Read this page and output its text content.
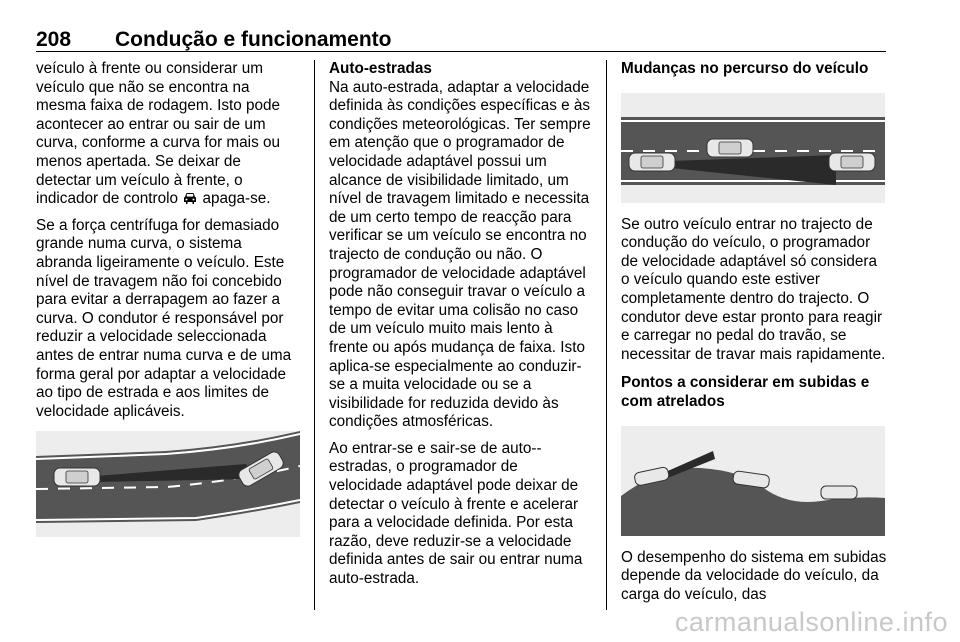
208 Condução e funcionamento

veículo à frente ou considerar um veículo que não se encontra na mesma faixa de rodagem. Isto pode acontecer ao entrar ou sair de um curva, conforme a curva for mais ou menos apertada. Se deixar de detectar um veículo à frente, o indicador de controlo  apaga-se.

Se a força centrífuga for demasiado grande numa curva, o sistema abranda ligeiramente o veículo. Este nível de travagem não foi concebido para evitar a derrapagem ao fazer a curva. O condutor é responsável por reduzir a velocidade seleccionada antes de entrar numa curva e de uma forma geral por adaptar a velocidade ao tipo de estrada e aos limites de velocidade aplicáveis.

Auto-estradas

Na auto-estrada, adaptar a velocidade definida às condições específicas e às condições meteorológicas. Ter sempre em atenção que o programador de velocidade adaptável possui um alcance de visibilidade limitado, um nível de travagem limitado e necessita de um certo tempo de reacção para verificar se um veículo se encontra no trajecto de condução ou não. O programador de velocidade adaptável pode não conseguir travar o veículo a tempo de evitar uma colisão no caso de um veículo muito mais lento à frente ou após mudança de faixa. Isto aplica-se especialmente ao conduzir-se a muita velocidade ou se a visibilidade for reduzida devido às condições atmosféricas.

Ao entrar-se e sair-se de auto--estradas, o programador de velocidade adaptável pode deixar de detectar o veículo à frente e acelerar para a velocidade definida. Por esta razão, deve reduzir-se a velocidade definida antes de sair ou entrar numa auto-estrada.

Mudanças no percurso do veículo

Se outro veículo entrar no trajecto de condução do veículo, o programador de velocidade adaptável só considera o veículo quando este estiver completamente dentro do trajecto. O condutor deve estar pronto para reagir e carregar no pedal do travão, se necessitar de travar mais rapidamente.

Pontos a considerar em subidas e com atrelados

O desempenho do sistema em subidas depende da velocidade do veículo, da carga do veículo, das

carmanualsonline.info
